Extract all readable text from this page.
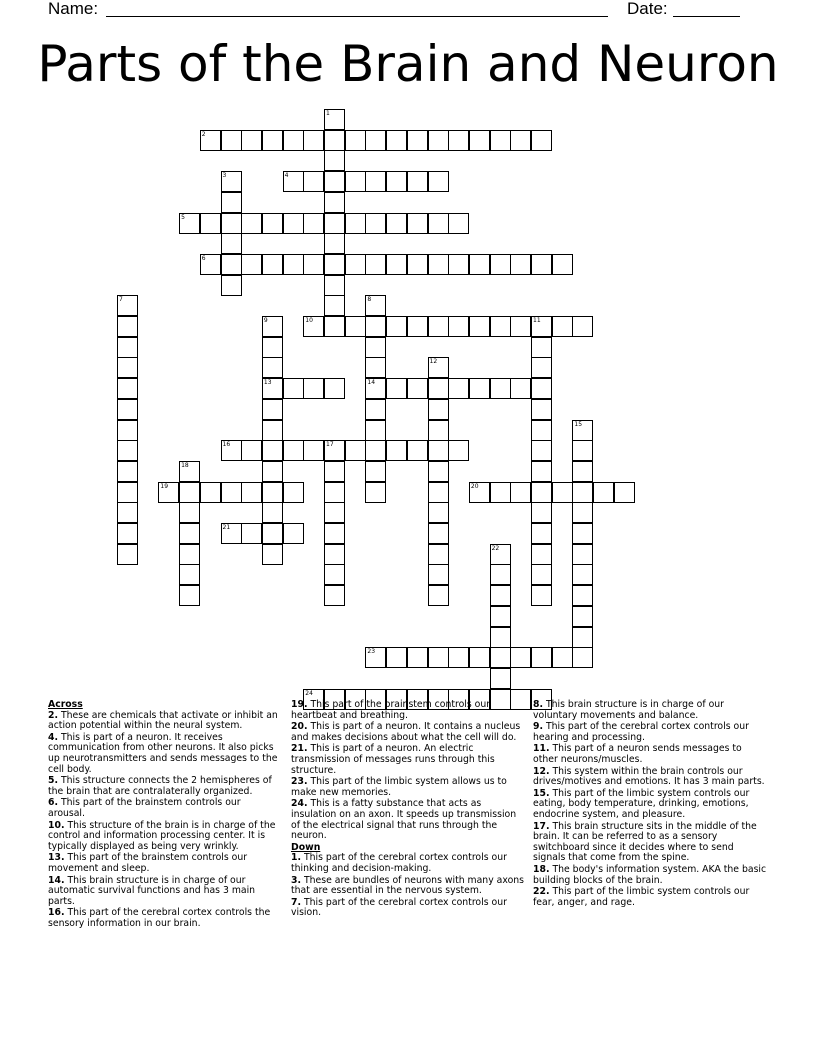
Name:	Date:
Parts of the Brain and Neuron
1
2
3	4
5
6
7	8
14
9
13
10	11
12
15
16	17
18
19	20
21
22
23
24

Across

2. These are chemicals that activate or inhibit an action potential within the neural system.

4. This is part of a neuron. It receives communication from other neurons. It also picks up neurotransmitters and sends messages to the cell body.

5. This structure connects the 2 hemispheres of the brain that are contralaterally organized.

6. This part of the brainstem controls our arousal.

10. This structure of the brain is in charge of the control and information processing center. It is typically displayed as being very wrinkly.

13. This part of the brainstem controls our movement and sleep.

14. This brain structure is in charge of our automatic survival functions and has 3 main parts.

16. This part of the cerebral cortex controls the sensory information in our brain.

19. This part of the brainstem controls our heartbeat and breathing.

20. This is part of a neuron. It contains a nucleus and makes decisions about what the cell will do.

21. This is part of a neuron. An electric transmission of messages runs through this structure.

23. This part of the limbic system allows us to make new memories.

24. This is a fatty substance that acts as insulation on an axon. It speeds up transmission of the electrical signal that runs through the neuron.

Down

1. This part of the cerebral cortex controls our thinking and decision-making.

3. These are bundles of neurons with many axons that are essential in the nervous system.

7. This part of the cerebral cortex controls our vision.

8. This brain structure is in charge of our voluntary movements and balance.

9. This part of the cerebral cortex controls our hearing and processing.

11. This part of a neuron sends messages to other neurons/muscles.

12. This system within the brain controls our drives/motives and emotions. It has 3 main parts.

15. This part of the limbic system controls our eating, body temperature, drinking, emotions, endocrine system, and pleasure.

17. This brain structure sits in the middle of the brain. It can be referred to as a sensory switchboard since it decides where to send signals that come from the spine.

18. The body's information system. AKA the basic building blocks of the brain.

22. This part of the limbic system controls our fear, anger, and rage.
